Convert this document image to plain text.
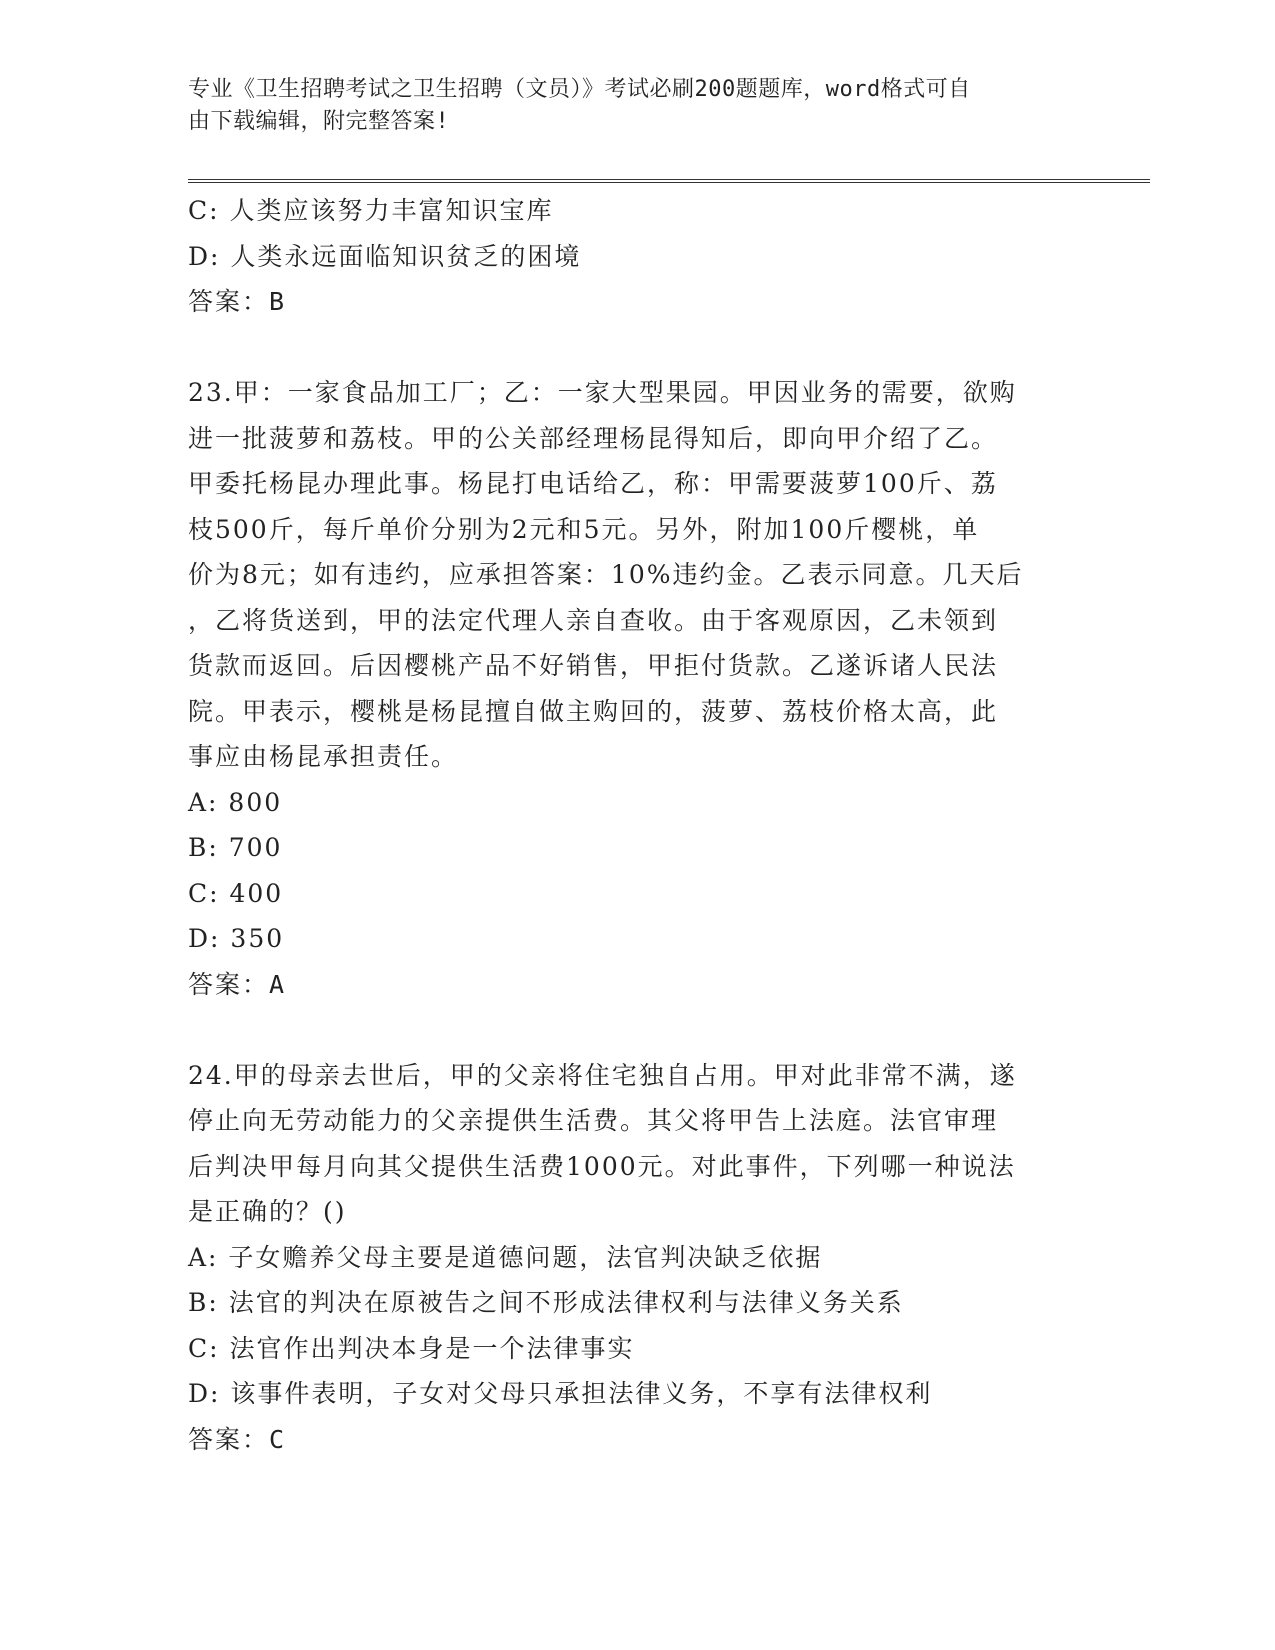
专业《卫生招聘考试之卫生招聘（文员）》考试必刷200题题库，word格式可自
由下载编辑，附完整答案!
C: 人类应该努力丰富知识宝库
D: 人类永远面临知识贫乏的困境
答案：B
23.甲：一家食品加工厂；乙：一家大型果园。甲因业务的需要，欲购
进一批菠萝和荔枝。甲的公关部经理杨昆得知后，即向甲介绍了乙。
甲委托杨昆办理此事。杨昆打电话给乙，称：甲需要菠萝100斤、荔
枝500斤，每斤单价分别为2元和5元。另外，附加100斤樱桃，单
价为8元；如有违约，应承担答案：10%违约金。乙表示同意。几天后
，乙将货送到，甲的法定代理人亲自查收。由于客观原因，乙未领到
货款而返回。后因樱桃产品不好销售，甲拒付货款。乙遂诉诸人民法
院。甲表示，樱桃是杨昆擅自做主购回的，菠萝、荔枝价格太高，此
事应由杨昆承担责任。
A: 800
B: 700
C: 400
D: 350
答案：A
24.甲的母亲去世后，甲的父亲将住宅独自占用。甲对此非常不满，遂
停止向无劳动能力的父亲提供生活费。其父将甲告上法庭。法官审理
后判决甲每月向其父提供生活费1000元。对此事件，下列哪一种说法
是正确的？()
A: 子女赡养父母主要是道德问题，法官判决缺乏依据
B: 法官的判决在原被告之间不形成法律权利与法律义务关系
C: 法官作出判决本身是一个法律事实
D: 该事件表明，子女对父母只承担法律义务，不享有法律权利
答案：C
